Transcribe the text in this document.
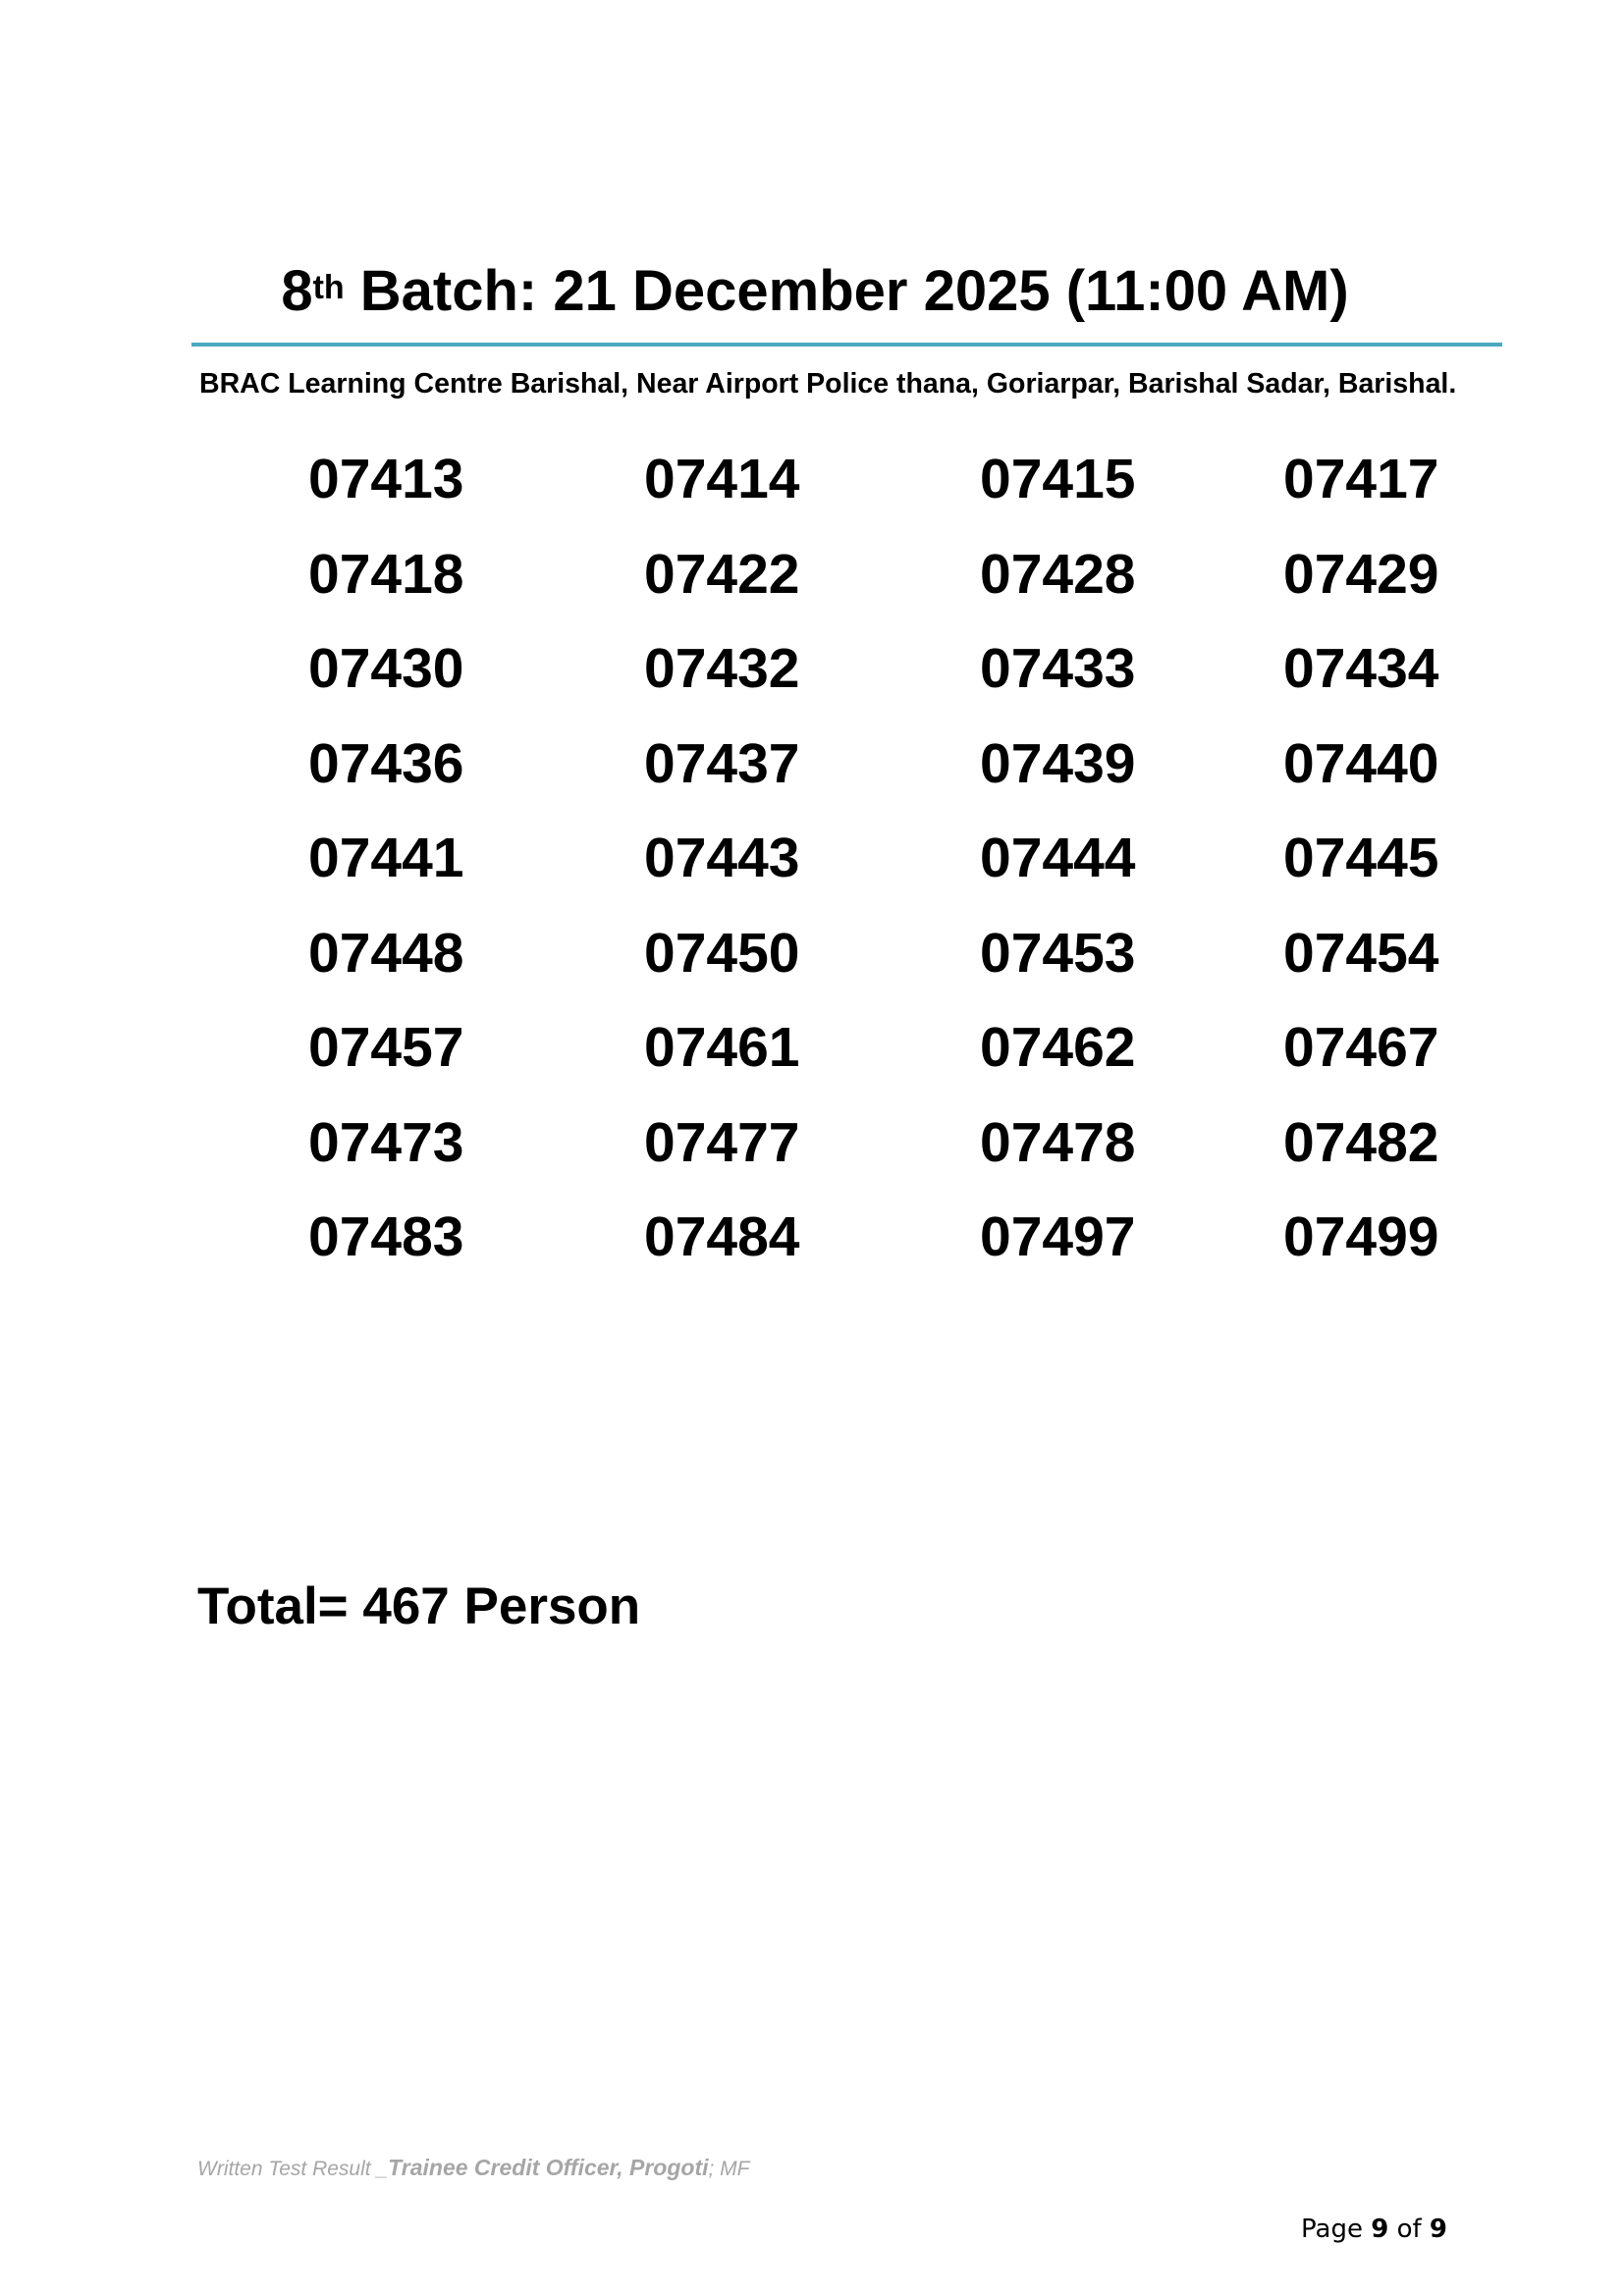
8th Batch: 21 December 2025 (11:00 AM)
BRAC Learning Centre Barishal, Near Airport Police thana, Goriarpar, Barishal Sadar, Barishal.
07413	07414	07415	07417
07418	07422	07428	07429
07430	07432	07433	07434
07436	07437	07439	07440
07441	07443	07444	07445
07448	07450	07453	07454
07457	07461	07462	07467
07473	07477	07478	07482
07483	07484	07497	07499
Total= 467 Person
Written Test Result _Trainee Credit Officer, Progoti; MF
Page 9 of 9
